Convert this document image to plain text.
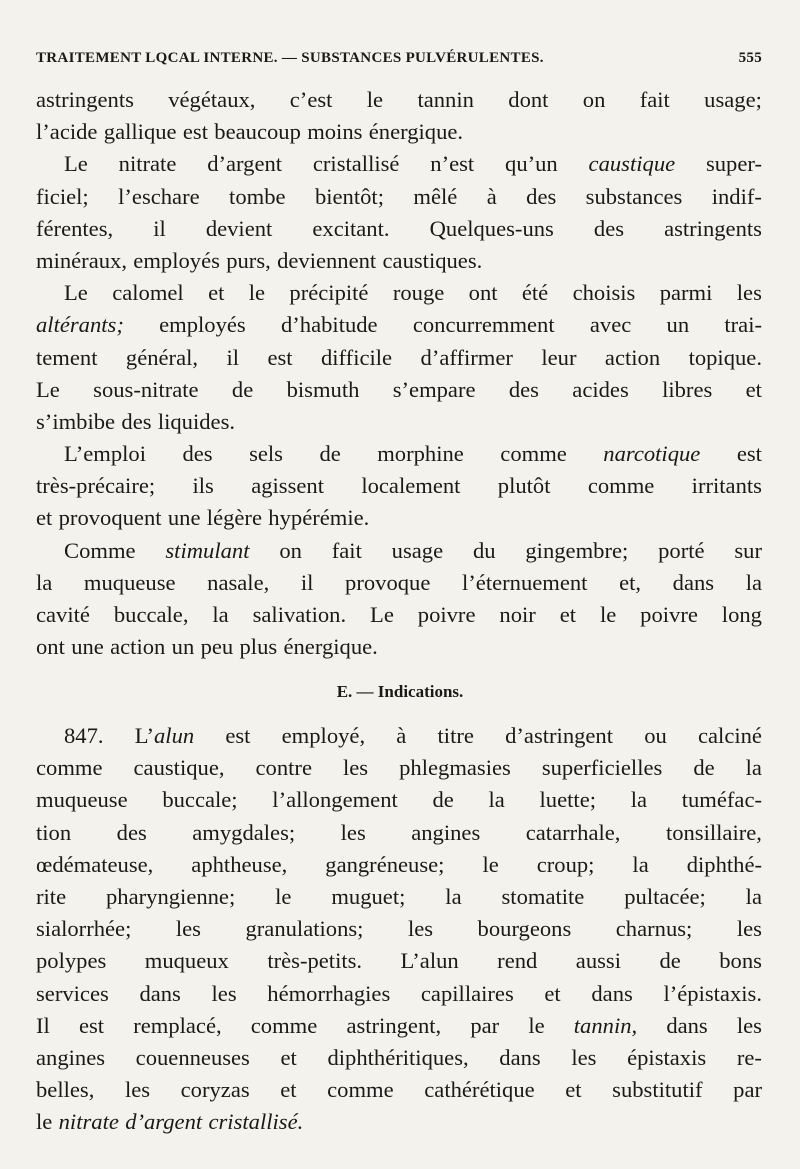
TRAITEMENT LQCAL INTERNE. — SUBSTANCES PULVÉRULENTES.	555
astringents végétaux, c’est le tannin dont on fait usage;
l’acide gallique est beaucoup moins énergique.
Le nitrate d’argent cristallisé n’est qu’un caustique super-
ficiel; l’eschare tombe bientôt; mêlé à des substances indif-
férentes, il devient excitant. Quelques-uns des astringents
minéraux, employés purs, deviennent caustiques.
Le calomel et le précipité rouge ont été choisis parmi les
altérants; employés d’habitude concurremment avec un trai-
tement général, il est difficile d’affirmer leur action topique.
Le sous-nitrate de bismuth s’empare des acides libres et
s’imbibe des liquides.
L’emploi des sels de morphine comme narcotique est
très-précaire; ils agissent localement plutôt comme irritants
et provoquent une légère hypérémie.
Comme stimulant on fait usage du gingembre; porté sur
la muqueuse nasale, il provoque l’éternuement et, dans la
cavité buccale, la salivation. Le poivre noir et le poivre long
ont une action un peu plus énergique.
E. — Indications.
847. L’alun est employé, à titre d’astringent ou calciné
comme caustique, contre les phlegmasies superficielles de la
muqueuse buccale; l’allongement de la luette; la tuméfac-
tion des amygdales; les angines catarrhale, tonsillaire,
œdémateuse, aphtheuse, gangréneuse; le croup; la diphthé-
rite pharyngienne; le muguet; la stomatite pultacée; la
sialorrhée; les granulations; les bourgeons charnus; les
polypes muqueux très-petits. L’alun rend aussi de bons
services dans les hémorrhagies capillaires et dans l’épistaxis.
Il est remplacé, comme astringent, par le tannin, dans les
angines couenneuses et diphthéritiques, dans les épistaxis re-
belles, les coryzas et comme cathérétique et substitutif par
le nitrate d’argent cristallisé.
